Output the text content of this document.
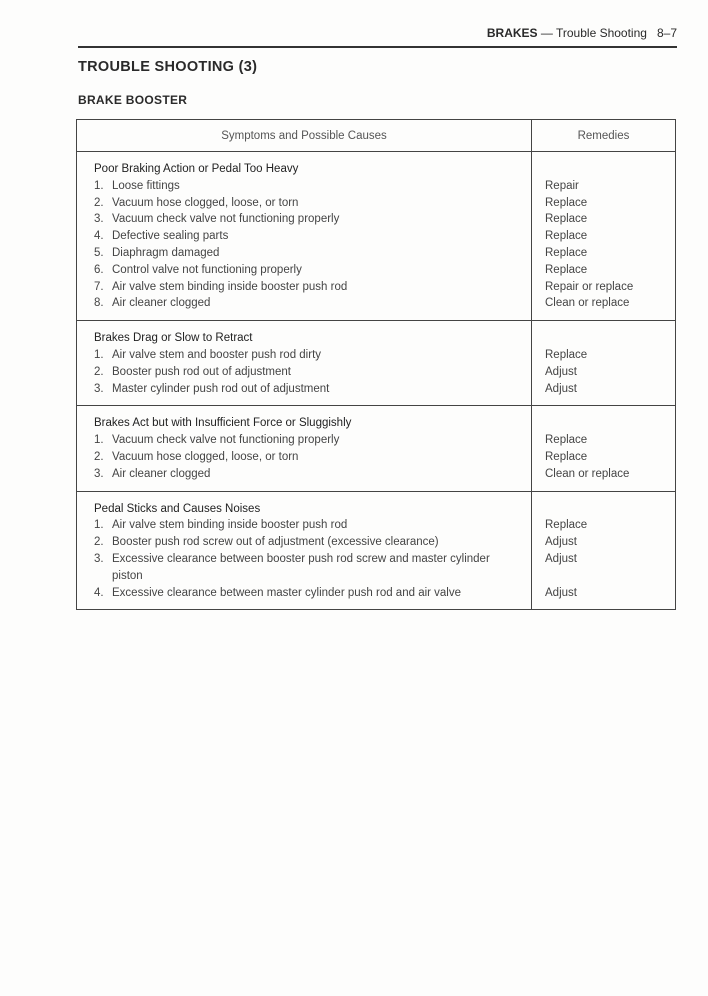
BRAKES — Trouble Shooting 8–7
TROUBLE SHOOTING (3)
BRAKE BOOSTER
Symptoms and Possible Causes	Remedies
Poor Braking Action or Pedal Too Heavy
1. Loose fittings
2. Vacuum hose clogged, loose, or torn
3. Vacuum check valve not functioning properly
4. Defective sealing parts
5. Diaphragm damaged
6. Control valve not functioning properly
7. Air valve stem binding inside booster push rod
8. Air cleaner clogged
Repair
Replace
Replace
Replace
Replace
Replace
Repair or replace
Clean or replace
Brakes Drag or Slow to Retract
1. Air valve stem and booster push rod dirty
2. Booster push rod out of adjustment
3. Master cylinder push rod out of adjustment
Replace
Adjust
Adjust
Brakes Act but with Insufficient Force or Sluggishly
1. Vacuum check valve not functioning properly
2. Vacuum hose clogged, loose, or torn
3. Air cleaner clogged
Replace
Replace
Clean or replace
Pedal Sticks and Causes Noises
1. Air valve stem binding inside booster push rod
2. Booster push rod screw out of adjustment (excessive clearance)
3. Excessive clearance between booster push rod screw and master cylinder piston
4. Excessive clearance between master cylinder push rod and air valve
Replace
Adjust
Adjust
Adjust
